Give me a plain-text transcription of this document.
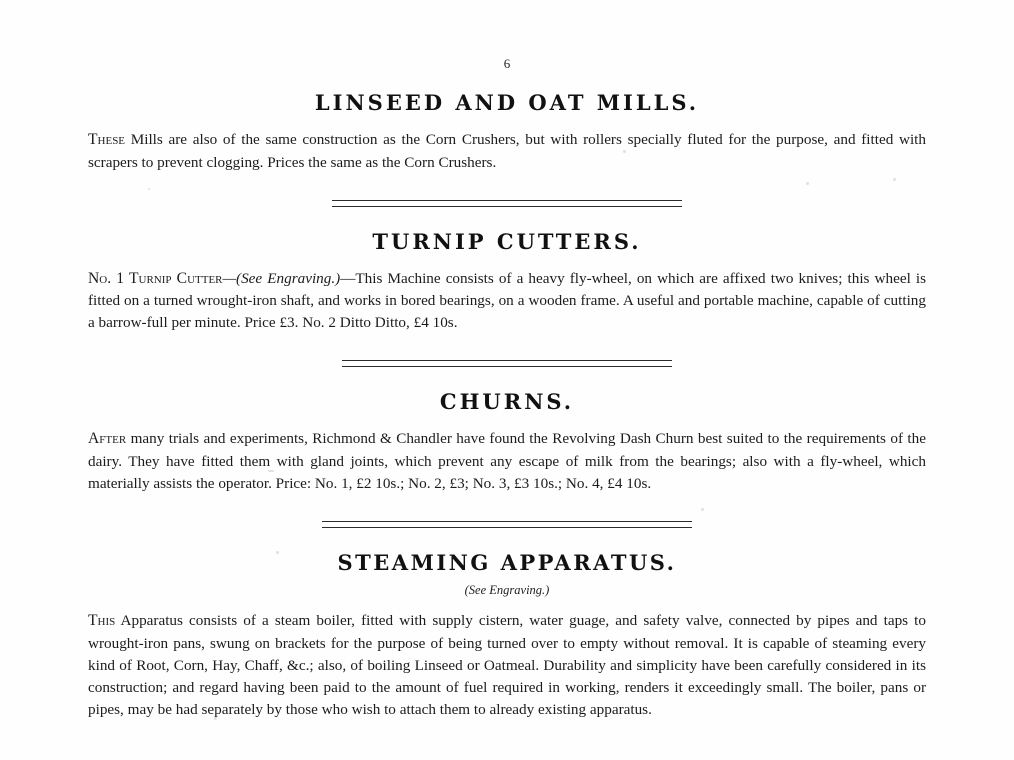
6
LINSEED AND OAT MILLS.

These Mills are also of the same construction as the Corn Crushers, but with rollers specially fluted for the purpose, and fitted with scrapers to prevent clogging. Prices the same as the Corn Crushers.

TURNIP CUTTERS.

No. 1 Turnip Cutter—(See Engraving.)—This Machine consists of a heavy fly-wheel, on which are affixed two knives; this wheel is fitted on a turned wrought-iron shaft, and works in bored bearings, on a wooden frame. A useful and portable machine, capable of cutting a barrow-full per minute. Price £3. No. 2 Ditto Ditto, £4 10s.

CHURNS.

After many trials and experiments, Richmond & Chandler have found the Revolving Dash Churn best suited to the requirements of the dairy. They have fitted them with gland joints, which prevent any escape of milk from the bearings; also with a fly-wheel, which materially assists the operator. Price: No. 1, £2 10s.; No. 2, £3; No. 3, £3 10s.; No. 4, £4 10s.

STEAMING APPARATUS.
(See Engraving.)

This Apparatus consists of a steam boiler, fitted with supply cistern, water guage, and safety valve, connected by pipes and taps to wrought-iron pans, swung on brackets for the purpose of being turned over to empty without removal. It is capable of steaming every kind of Root, Corn, Hay, Chaff, &c.; also, of boiling Linseed or Oatmeal. Durability and simplicity have been carefully considered in its construction; and regard having been paid to the amount of fuel required in working, renders it exceedingly small. The boiler, pans or pipes, may be had separately by those who wish to attach them to already existing apparatus.
